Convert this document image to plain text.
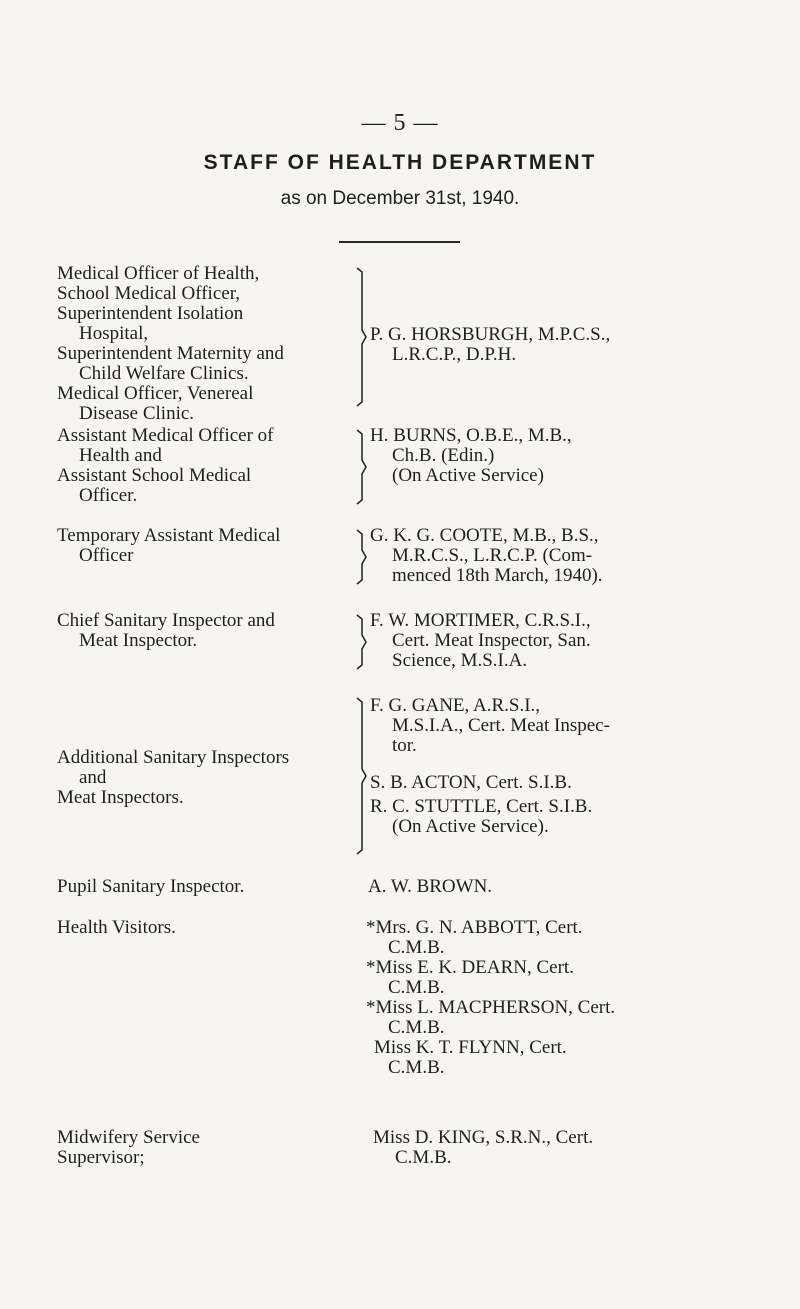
— 5 —
STAFF OF HEALTH DEPARTMENT
as on December 31st, 1940.
Medical Officer of Health,
School Medical Officer,
Superintendent Isolation
Hospital,
Superintendent Maternity and
Child Welfare Clinics.
Medical Officer, Venereal
Disease Clinic.
P. G. HORSBURGH, M.P.C.S.,
L.R.C.P., D.P.H.
Assistant Medical Officer of
Health and
Assistant School Medical
Officer.
H. BURNS, O.B.E., M.B.,
Ch.B. (Edin.)
(On Active Service)
Temporary Assistant Medical
Officer
G. K. G. COOTE, M.B., B.S.,
M.R.C.S., L.R.C.P. (Com-
menced 18th March, 1940).
Chief Sanitary Inspector and
Meat Inspector.
F. W. MORTIMER, C.R.S.I.,
Cert. Meat Inspector, San.
Science, M.S.I.A.
Additional Sanitary Inspectors
and
Meat Inspectors.
F. G. GANE, A.R.S.I.,
M.S.I.A., Cert. Meat Inspec-
tor.
S. B. ACTON, Cert. S.I.B.
R. C. STUTTLE, Cert. S.I.B.
(On Active Service).
Pupil Sanitary Inspector.	A. W. BROWN.
Health Visitors.	*Mrs. G. N. ABBOTT, Cert.
C.M.B.
*Miss E. K. DEARN, Cert.
C.M.B.
*Miss L. MACPHERSON, Cert.
C.M.B.
Miss K. T. FLYNN, Cert.
C.M.B.
Midwifery Service
Supervisor;
Miss D. KING, S.R.N., Cert.
C.M.B.
